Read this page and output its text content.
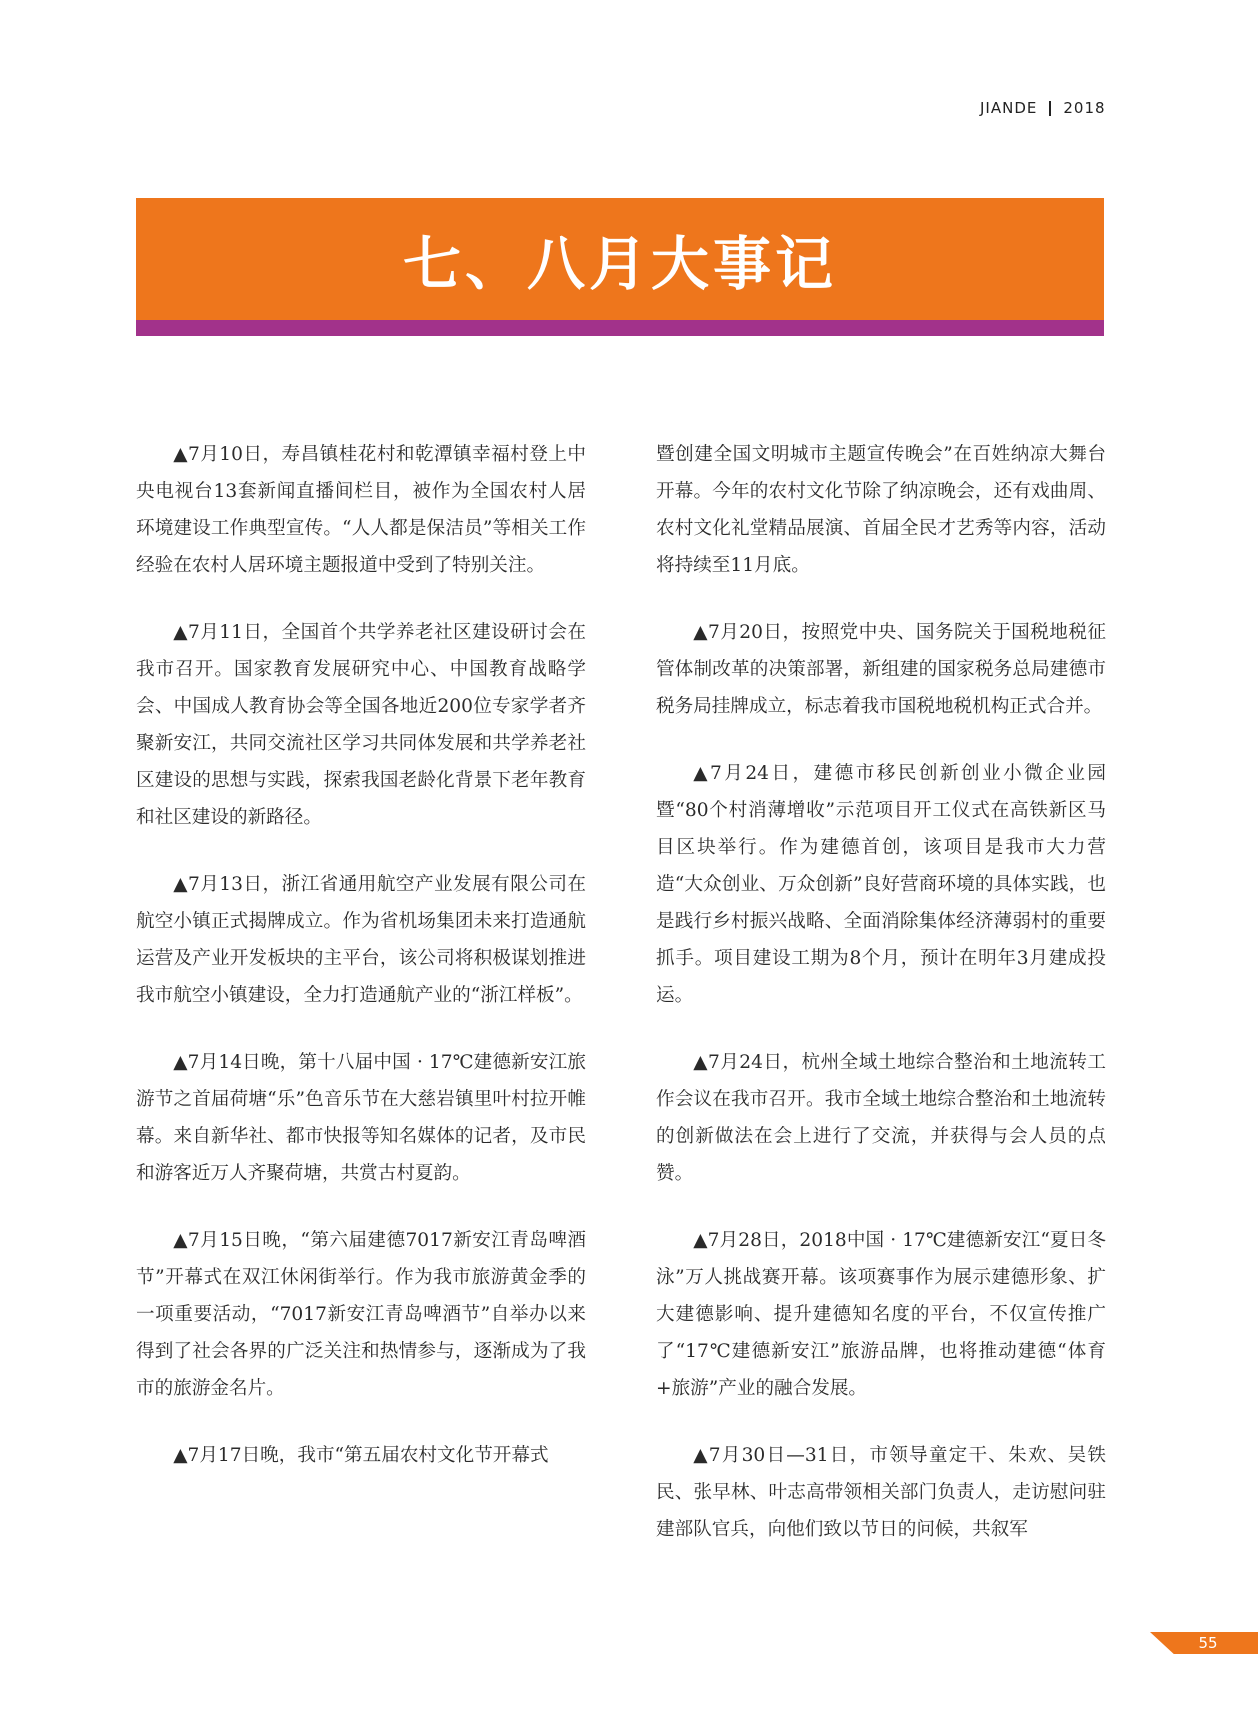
JIANDE 2018
七、八月大事记

▲7月10日，寿昌镇桂花村和乾潭镇幸福村登上中央电视台13套新闻直播间栏目，被作为全国农村人居环境建设工作典型宣传。“人人都是保洁员”等相关工作经验在农村人居环境主题报道中受到了特别关注。

▲7月11日，全国首个共学养老社区建设研讨会在我市召开。国家教育发展研究中心、中国教育战略学会、中国成人教育协会等全国各地近200位专家学者齐聚新安江，共同交流社区学习共同体发展和共学养老社区建设的思想与实践，探索我国老龄化背景下老年教育和社区建设的新路径。

▲7月13日，浙江省通用航空产业发展有限公司在航空小镇正式揭牌成立。作为省机场集团未来打造通航运营及产业开发板块的主平台，该公司将积极谋划推进我市航空小镇建设，全力打造通航产业的“浙江样板”。

▲7月14日晚，第十八届中国 · 17℃建德新安江旅游节之首届荷塘“乐”色音乐节在大慈岩镇里叶村拉开帷幕。来自新华社、都市快报等知名媒体的记者，及市民和游客近万人齐聚荷塘，共赏古村夏韵。

▲7月15日晚，“第六届建德7017新安江青岛啤酒节”开幕式在双江休闲街举行。作为我市旅游黄金季的一项重要活动，“7017新安江青岛啤酒节”自举办以来得到了社会各界的广泛关注和热情参与，逐渐成为了我市的旅游金名片。

▲7月17日晚，我市“第五届农村文化节开幕式

暨创建全国文明城市主题宣传晚会”在百姓纳凉大舞台开幕。今年的农村文化节除了纳凉晚会，还有戏曲周、农村文化礼堂精品展演、首届全民才艺秀等内容，活动将持续至11月底。

▲7月20日，按照党中央、国务院关于国税地税征管体制改革的决策部署，新组建的国家税务总局建德市税务局挂牌成立，标志着我市国税地税机构正式合并。

▲7月24日，建德市移民创新创业小微企业园暨“80个村消薄增收”示范项目开工仪式在高铁新区马目区块举行。作为建德首创，该项目是我市大力营造“大众创业、万众创新”良好营商环境的具体实践，也是践行乡村振兴战略、全面消除集体经济薄弱村的重要抓手。项目建设工期为8个月，预计在明年3月建成投运。

▲7月24日，杭州全域土地综合整治和土地流转工作会议在我市召开。我市全域土地综合整治和土地流转的创新做法在会上进行了交流，并获得与会人员的点赞。

▲7月28日，2018中国 · 17℃建德新安江“夏日冬泳”万人挑战赛开幕。该项赛事作为展示建德形象、扩大建德影响、提升建德知名度的平台，不仅宣传推广了“17℃建德新安江”旅游品牌，也将推动建德“体育+旅游”产业的融合发展。

▲7月30日—31日，市领导童定干、朱欢、吴铁民、张早林、叶志高带领相关部门负责人，走访慰问驻建部队官兵，向他们致以节日的问候，共叙军

55
